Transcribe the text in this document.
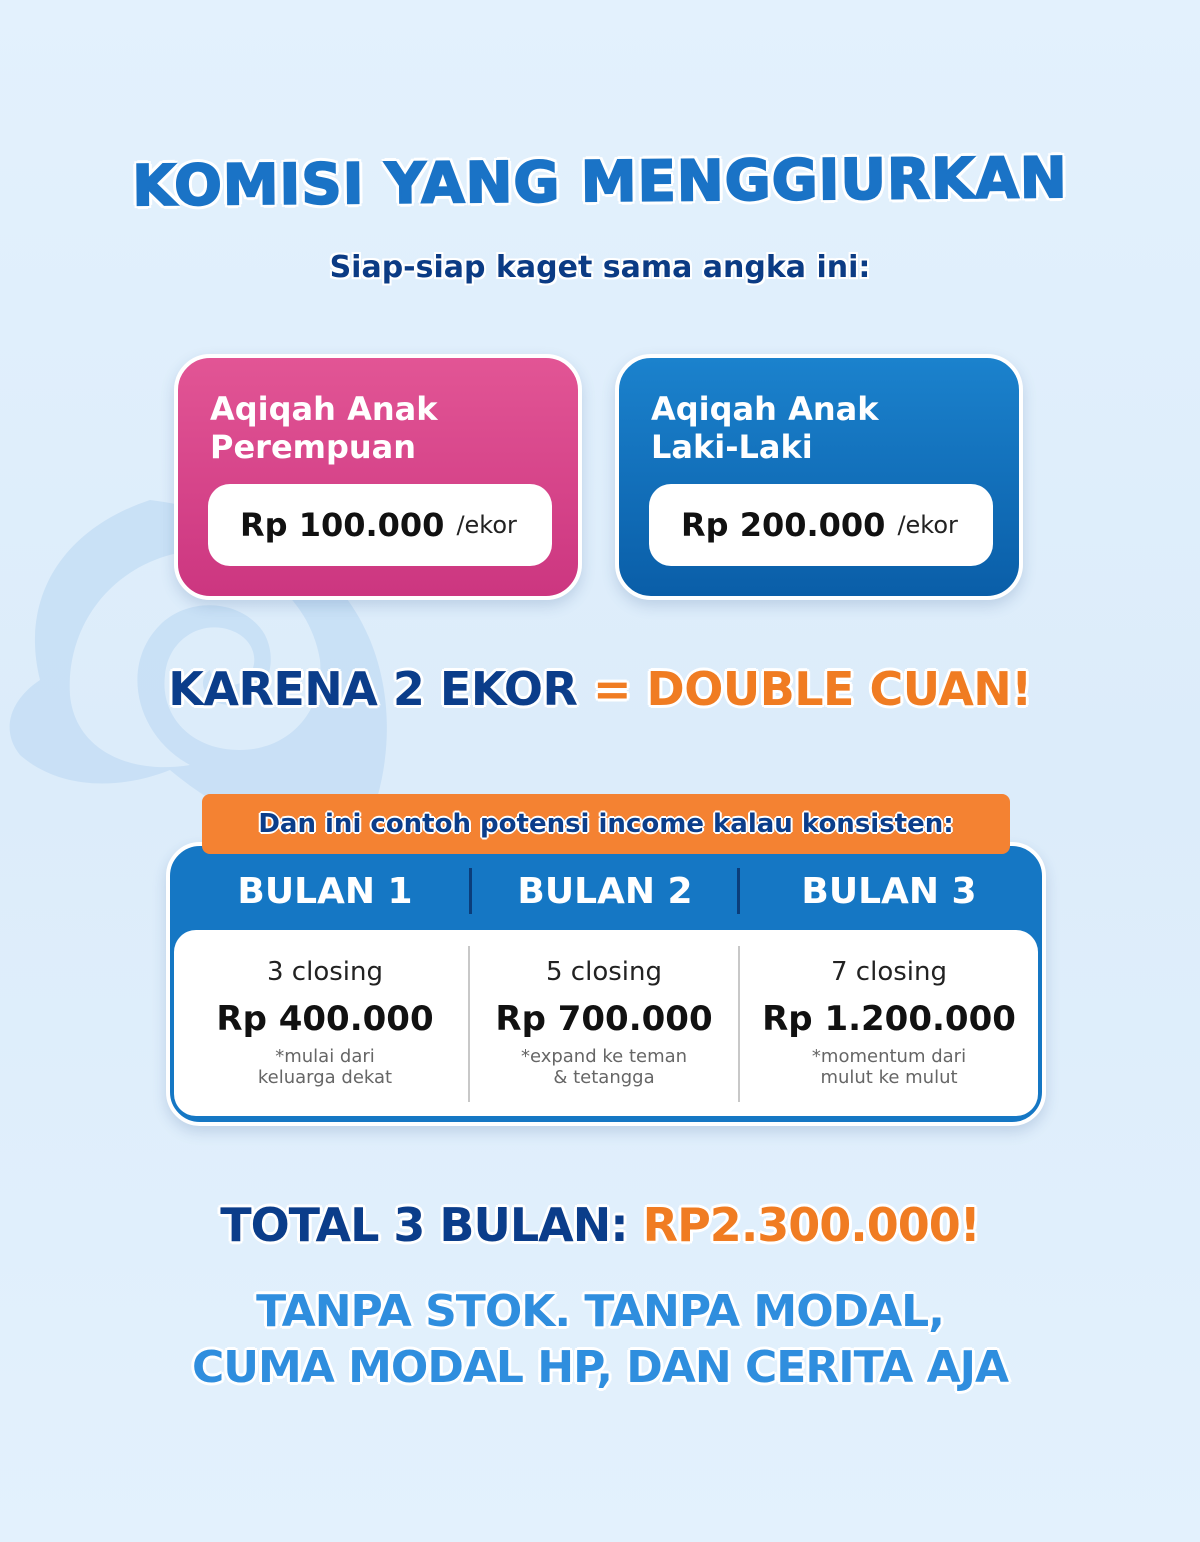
KOMISI YANG MENGGIURKAN
Siap-siap kaget sama angka ini:
Aqiqah Anak
Perempuan
Rp 100.000 /ekor
Aqiqah Anak
Laki-Laki
Rp 200.000 /ekor
KARENA 2 EKOR = DOUBLE CUAN!
Dan ini contoh potensi income kalau konsisten:
BULAN 1	BULAN 2	BULAN 3
3 closing
Rp 400.000
*mulai dari
keluarga dekat
5 closing
Rp 700.000
*expand ke teman
& tetangga
7 closing
Rp 1.200.000
*momentum dari
mulut ke mulut
TOTAL 3 BULAN: RP2.300.000!
TANPA STOK. TANPA MODAL,
CUMA MODAL HP, DAN CERITA AJA
